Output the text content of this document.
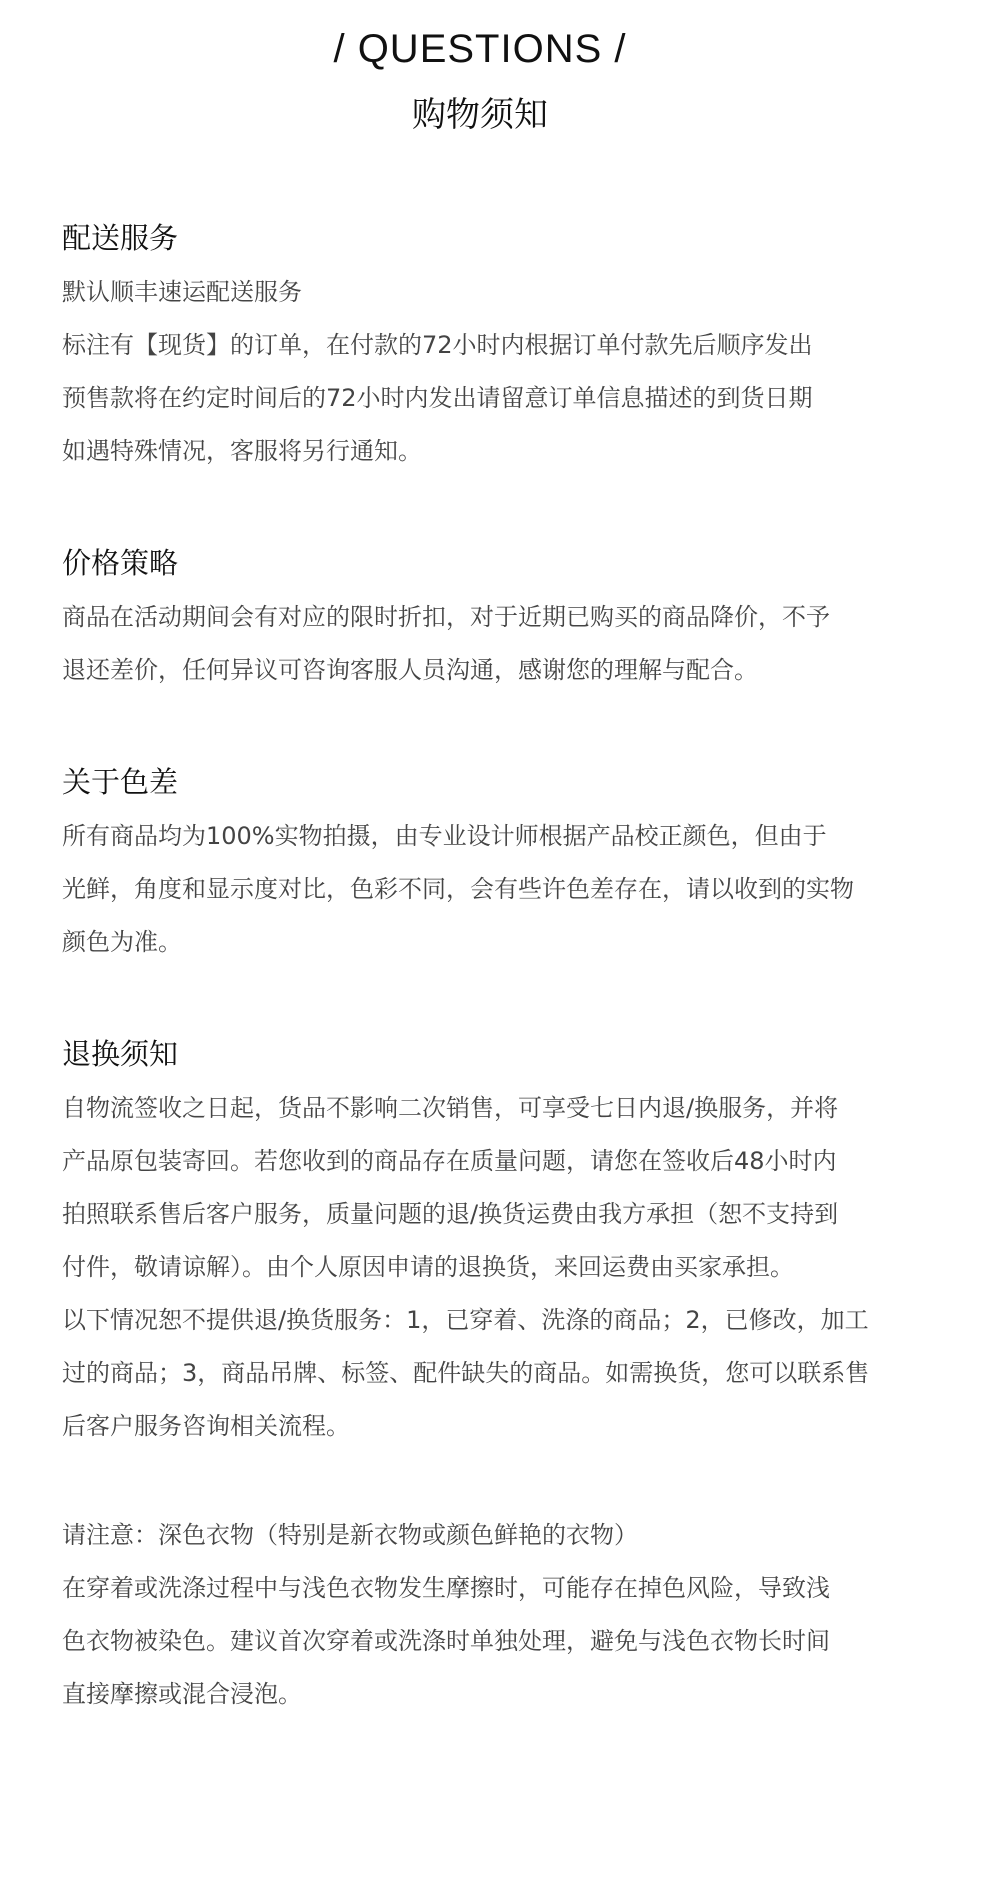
/ QUESTIONS /
购物须知
配送服务

默认顺丰速运配送服务

标注有【现货】的订单，在付款的72小时内根据订单付款先后顺序发出

预售款将在约定时间后的72小时内发出请留意订单信息描述的到货日期

如遇特殊情况，客服将另行通知。

价格策略

商品在活动期间会有对应的限时折扣，对于近期已购买的商品降价，不予

退还差价，任何异议可咨询客服人员沟通，感谢您的理解与配合。

关于色差

所有商品均为100%实物拍摄，由专业设计师根据产品校正颜色，但由于

光鲜，角度和显示度对比，色彩不同，会有些许色差存在，请以收到的实物

颜色为准。

退换须知

自物流签收之日起，货品不影响二次销售，可享受七日内退/换服务，并将

产品原包装寄回。若您收到的商品存在质量问题，请您在签收后48小时内

拍照联系售后客户服务，质量问题的退/换货运费由我方承担（恕不支持到

付件，敬请谅解）。由个人原因申请的退换货，来回运费由买家承担。

以下情况恕不提供退/换货服务：1，已穿着、洗涤的商品；2，已修改，加工

过的商品；3，商品吊牌、标签、配件缺失的商品。如需换货，您可以联系售

后客户服务咨询相关流程。

请注意：深色衣物（特别是新衣物或颜色鲜艳的衣物）

在穿着或洗涤过程中与浅色衣物发生摩擦时，可能存在掉色风险，导致浅

色衣物被染色。建议首次穿着或洗涤时单独处理，避免与浅色衣物长时间

直接摩擦或混合浸泡。
